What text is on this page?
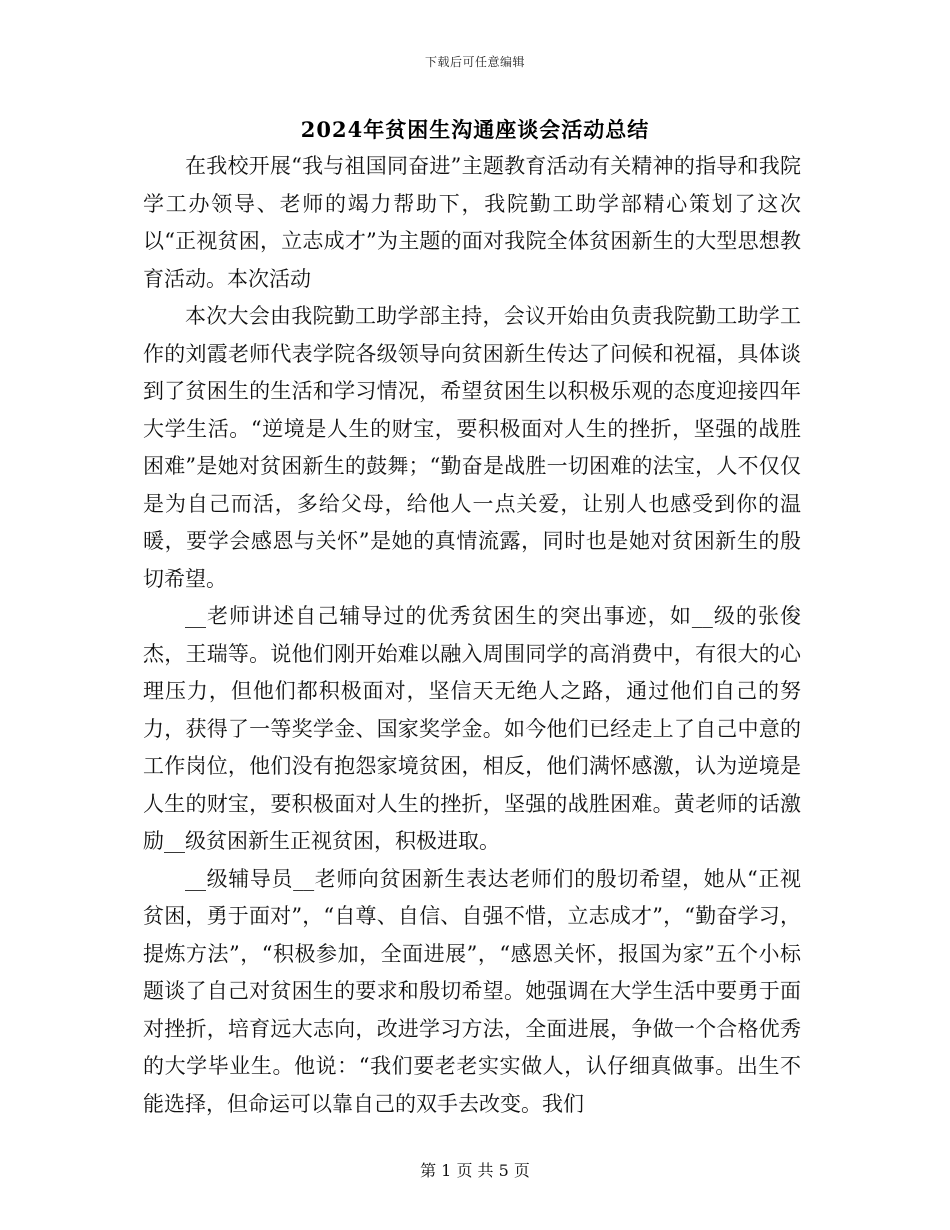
下载后可任意编辑
2024年贫困生沟通座谈会活动总结

在我校开展“我与祖国同奋进”主题教育活动有关精神的指导和我院学工办领导、老师的竭力帮助下，我院勤工助学部精心策划了这次以“正视贫困，立志成才”为主题的面对我院全体贫困新生的大型思想教育活动。本次活动

本次大会由我院勤工助学部主持，会议开始由负责我院勤工助学工作的刘霞老师代表学院各级领导向贫困新生传达了问候和祝福，具体谈到了贫困生的生活和学习情况，希望贫困生以积极乐观的态度迎接四年大学生活。“逆境是人生的财宝，要积极面对人生的挫折，坚强的战胜困难”是她对贫困新生的鼓舞；“勤奋是战胜一切困难的法宝，人不仅仅是为自己而活，多给父母，给他人一点关爱，让别人也感受到你的温暖，要学会感恩与关怀”是她的真情流露，同时也是她对贫困新生的殷切希望。

__老师讲述自己辅导过的优秀贫困生的突出事迹，如__级的张俊杰，王瑞等。说他们刚开始难以融入周围同学的高消费中，有很大的心理压力，但他们都积极面对，坚信天无绝人之路，通过他们自己的努力，获得了一等奖学金、国家奖学金。如今他们已经走上了自己中意的工作岗位，他们没有抱怨家境贫困，相反，他们满怀感激，认为逆境是人生的财宝，要积极面对人生的挫折，坚强的战胜困难。黄老师的话激励__级贫困新生正视贫困，积极进取。

__级辅导员__老师向贫困新生表达老师们的殷切希望，她从“正视贫困，勇于面对”，“自尊、自信、自强不惜，立志成才”，“勤奋学习，提炼方法”，“积极参加，全面进展”，“感恩关怀，报国为家”五个小标题谈了自己对贫困生的要求和殷切希望。她强调在大学生活中要勇于面对挫折，培育远大志向，改进学习方法，全面进展，争做一个合格优秀的大学毕业生。他说：“我们要老老实实做人，认仔细真做事。出生不能选择，但命运可以靠自己的双手去改变。我们

第 1 页 共 5 页
